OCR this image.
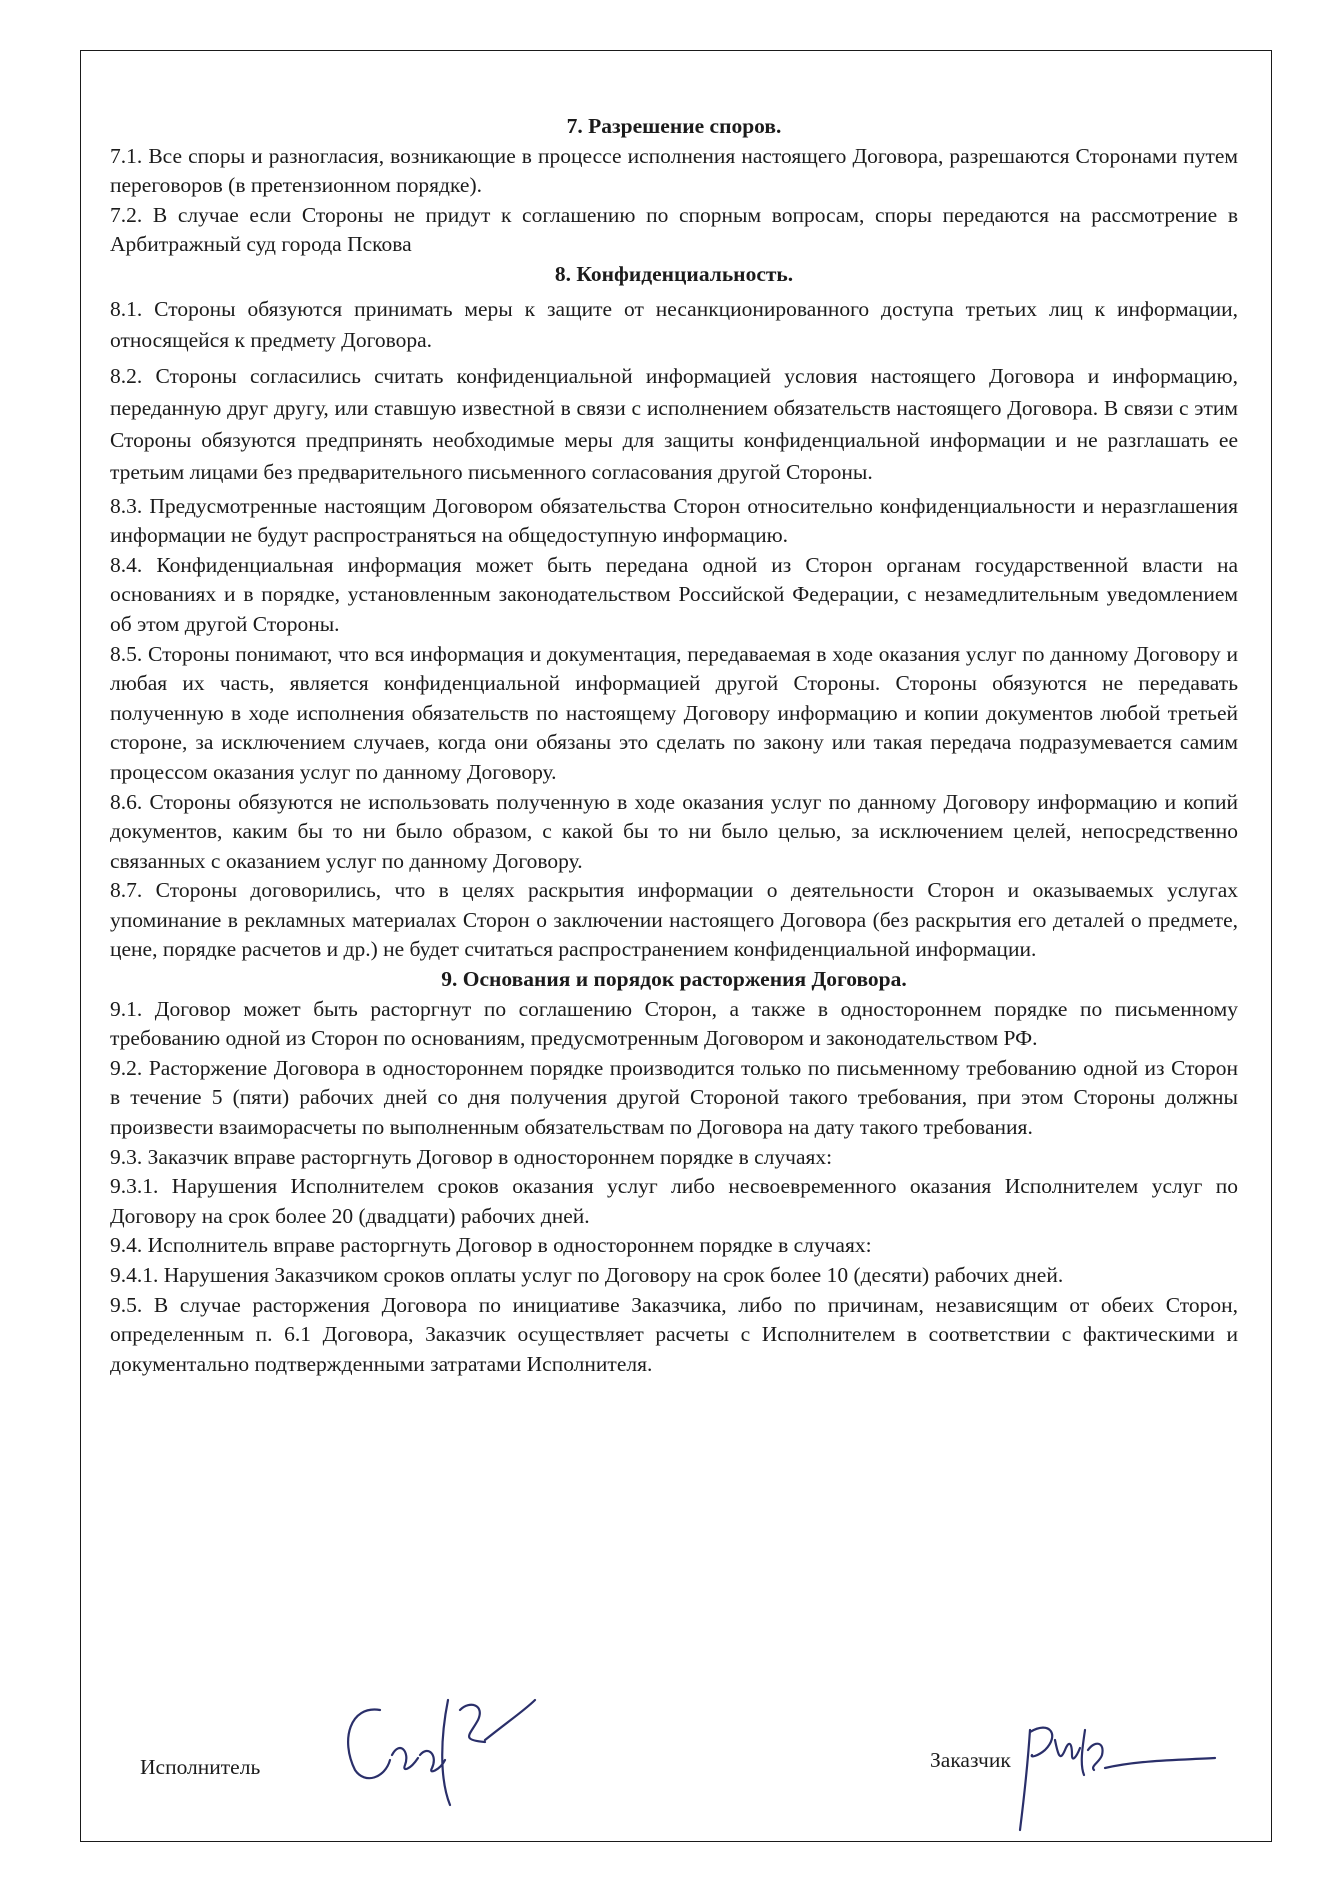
7. Разрешение споров.

7.1. Все споры и разногласия, возникающие в процессе исполнения настоящего Договора, разрешаются Сторонами путем переговоров (в претензионном порядке).

7.2. В случае если Стороны не придут к соглашению по спорным вопросам, споры передаются на рассмотрение в Арбитражный суд города Пскова

8. Конфиденциальность.

8.1. Стороны обязуются принимать меры к защите от несанкционированного доступа третьих лиц к информации, относящейся к предмету Договора.

8.2. Стороны согласились считать конфиденциальной информацией условия настоящего Договора и информацию, переданную друг другу, или ставшую известной в связи с исполнением обязательств настоящего Договора. В связи с этим Стороны обязуются предпринять необходимые меры для защиты конфиденциальной информации и не разглашать ее третьим лицами без предварительного письменного согласования другой Стороны.

8.3. Предусмотренные настоящим Договором обязательства Сторон относительно конфиденциальности и неразглашения информации не будут распространяться на общедоступную информацию.

8.4. Конфиденциальная информация может быть передана одной из Сторон органам государственной власти на основаниях и в порядке, установленным законодательством Российской Федерации, с незамедлительным уведомлением об этом другой Стороны.

8.5. Стороны понимают, что вся информация и документация, передаваемая в ходе оказания услуг по данному Договору и любая их часть, является конфиденциальной информацией другой Стороны. Стороны обязуются не передавать полученную в ходе исполнения обязательств по настоящему Договору информацию и копии документов любой третьей стороне, за исключением случаев, когда они обязаны это сделать по закону или такая передача подразумевается самим процессом оказания услуг по данному Договору.

8.6. Стороны обязуются не использовать полученную в ходе оказания услуг по данному Договору информацию и копий документов, каким бы то ни было образом, с какой бы то ни было целью, за исключением целей, непосредственно связанных с оказанием услуг по данному Договору.

8.7. Стороны договорились, что в целях раскрытия информации о деятельности Сторон и оказываемых услугах упоминание в рекламных материалах Сторон о заключении настоящего Договора (без раскрытия его деталей о предмете, цене, порядке расчетов и др.) не будет считаться распространением конфиденциальной информации.

9. Основания и порядок расторжения Договора.

9.1. Договор может быть расторгнут по соглашению Сторон, а также в одностороннем порядке по письменному требованию одной из Сторон по основаниям, предусмотренным Договором и законодательством РФ.

9.2. Расторжение Договора в одностороннем порядке производится только по письменному требованию одной из Сторон в течение 5 (пяти) рабочих дней со дня получения другой Стороной такого требования, при этом Стороны должны произвести взаиморасчеты по выполненным обязательствам по Договора на дату такого требования.

9.3. Заказчик вправе расторгнуть Договор в одностороннем порядке в случаях:

9.3.1. Нарушения Исполнителем сроков оказания услуг либо несвоевременного оказания Исполнителем услуг по Договору на срок более 20 (двадцати) рабочих дней.

9.4. Исполнитель вправе расторгнуть Договор в одностороннем порядке в случаях:

9.4.1. Нарушения Заказчиком сроков оплаты услуг по Договору на срок более 10 (десяти) рабочих дней.

9.5. В случае расторжения Договора по инициативе Заказчика, либо по причинам, независящим от обеих Сторон, определенным п. 6.1 Договора, Заказчик осуществляет расчеты с Исполнителем в соответствии с фактическими и документально подтвержденными затратами Исполнителя.

Исполнитель	Заказчик
